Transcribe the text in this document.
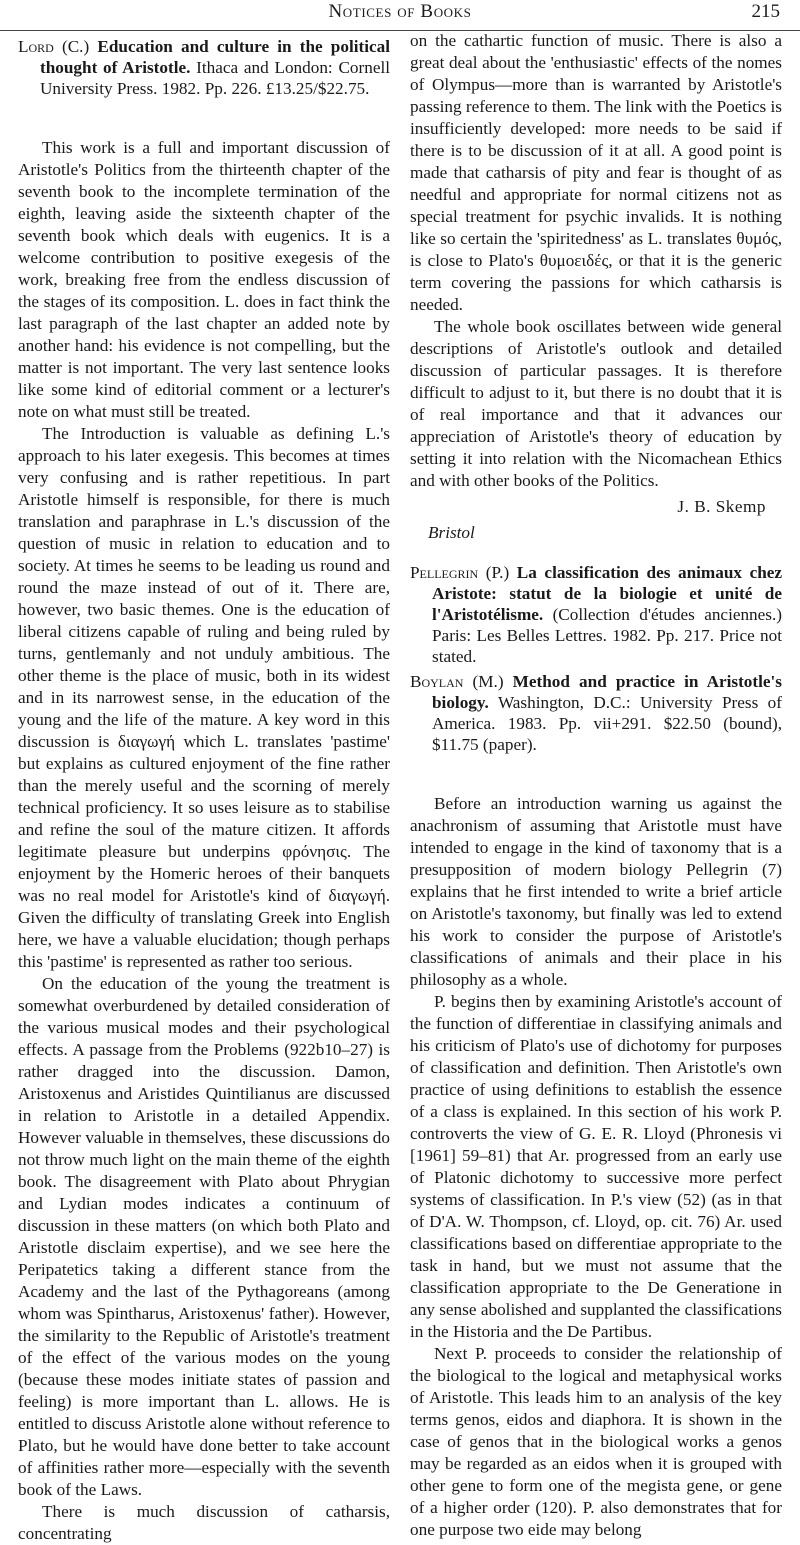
Notices of Books	215
Lord (C.) Education and culture in the political thought of Aristotle. Ithaca and London: Cornell University Press. 1982. Pp. 226. £13.25/$22.75.

This work is a full and important discussion of Aristotle's Politics from the thirteenth chapter of the seventh book to the incomplete termination of the eighth, leaving aside the sixteenth chapter of the seventh book which deals with eugenics. It is a welcome contribution to positive exegesis of the work, breaking free from the endless discussion of the stages of its composition. L. does in fact think the last paragraph of the last chapter an added note by another hand: his evidence is not compelling, but the matter is not important. The very last sentence looks like some kind of editorial comment or a lecturer's note on what must still be treated.

The Introduction is valuable as defining L.'s approach to his later exegesis. This becomes at times very confusing and is rather repetitious. In part Aristotle himself is responsible, for there is much translation and paraphrase in L.'s discussion of the question of music in relation to education and to society. At times he seems to be leading us round and round the maze instead of out of it. There are, however, two basic themes. One is the education of liberal citizens capable of ruling and being ruled by turns, gentlemanly and not unduly ambitious. The other theme is the place of music, both in its widest and in its narrowest sense, in the education of the young and the life of the mature. A key word in this discussion is διαγωγή which L. translates 'pastime' but explains as cultured enjoyment of the fine rather than the merely useful and the scorning of merely technical proficiency. It so uses leisure as to stabilise and refine the soul of the mature citizen. It affords legitimate pleasure but underpins φρόνησις. The enjoyment by the Homeric heroes of their banquets was no real model for Aristotle's kind of διαγωγή. Given the difficulty of translating Greek into English here, we have a valuable elucidation; though perhaps this 'pastime' is represented as rather too serious.

On the education of the young the treatment is somewhat overburdened by detailed consideration of the various musical modes and their psychological effects. A passage from the Problems (922b10–27) is rather dragged into the discussion. Damon, Aristoxenus and Aristides Quintilianus are discussed in relation to Aristotle in a detailed Appendix. However valuable in themselves, these discussions do not throw much light on the main theme of the eighth book. The disagreement with Plato about Phrygian and Lydian modes indicates a continuum of discussion in these matters (on which both Plato and Aristotle disclaim expertise), and we see here the Peripatetics taking a different stance from the Academy and the last of the Pythagoreans (among whom was Spintharus, Aristoxenus' father). However, the similarity to the Republic of Aristotle's treatment of the effect of the various modes on the young (because these modes initiate states of passion and feeling) is more important than L. allows. He is entitled to discuss Aristotle alone without reference to Plato, but he would have done better to take account of affinities rather more—especially with the seventh book of the Laws.

There is much discussion of catharsis, concentrating

on the cathartic function of music. There is also a great deal about the 'enthusiastic' effects of the nomes of Olympus—more than is warranted by Aristotle's passing reference to them. The link with the Poetics is insufficiently developed: more needs to be said if there is to be discussion of it at all. A good point is made that catharsis of pity and fear is thought of as needful and appropriate for normal citizens not as special treatment for psychic invalids. It is nothing like so certain the 'spiritedness' as L. translates θυμός, is close to Plato's θυμοειδές, or that it is the generic term covering the passions for which catharsis is needed.

The whole book oscillates between wide general descriptions of Aristotle's outlook and detailed discussion of particular passages. It is therefore difficult to adjust to it, but there is no doubt that it is of real importance and that it advances our appreciation of Aristotle's theory of education by setting it into relation with the Nicomachean Ethics and with other books of the Politics.

J. B. Skemp
Bristol
Pellegrin (P.) La classification des animaux chez Aristote: statut de la biologie et unité de l'Aristotélisme. (Collection d'études anciennes.) Paris: Les Belles Lettres. 1982. Pp. 217. Price not stated.
Boylan (M.) Method and practice in Aristotle's biology. Washington, D.C.: University Press of America. 1983. Pp. vii+291. $22.50 (bound), $11.75 (paper).

Before an introduction warning us against the anachronism of assuming that Aristotle must have intended to engage in the kind of taxonomy that is a presupposition of modern biology Pellegrin (7) explains that he first intended to write a brief article on Aristotle's taxonomy, but finally was led to extend his work to consider the purpose of Aristotle's classifications of animals and their place in his philosophy as a whole.

P. begins then by examining Aristotle's account of the function of differentiae in classifying animals and his criticism of Plato's use of dichotomy for purposes of classification and definition. Then Aristotle's own practice of using definitions to establish the essence of a class is explained. In this section of his work P. controverts the view of G. E. R. Lloyd (Phronesis vi [1961] 59–81) that Ar. progressed from an early use of Platonic dichotomy to successive more perfect systems of classification. In P.'s view (52) (as in that of D'A. W. Thompson, cf. Lloyd, op. cit. 76) Ar. used classifications based on differentiae appropriate to the task in hand, but we must not assume that the classification appropriate to the De Generatione in any sense abolished and supplanted the classifications in the Historia and the De Partibus.

Next P. proceeds to consider the relationship of the biological to the logical and metaphysical works of Aristotle. This leads him to an analysis of the key terms genos, eidos and diaphora. It is shown in the case of genos that in the biological works a genos may be regarded as an eidos when it is grouped with other gene to form one of the megista gene, or gene of a higher order (120). P. also demonstrates that for one purpose two eide may belong
